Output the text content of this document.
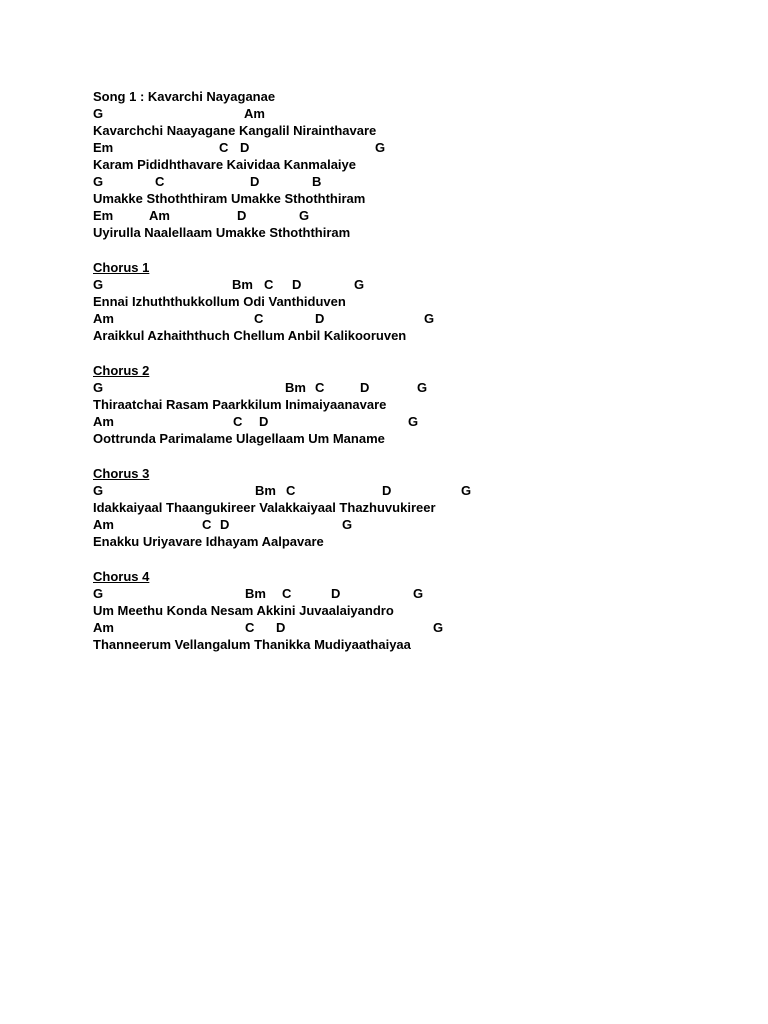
Song 1 : Kavarchi Nayaganae
G	Am
Kavarchchi Naayagane Kangalil Nirainthavare
Em	C D	G
Karam Pididhthavare Kaividaa Kanmalaiye
G	C	D	B
Umakke Sthoththiram Umakke Sthoththiram
Em	Am	D	G
Uyirulla Naalellaam Umakke Sthoththiram
Chorus 1
G	Bm C D	G
Ennai Izhuththukkollum Odi Vanthiduven
Am	C	D	G
Araikkul Azhaiththuch Chellum Anbil Kalikooruven
Chorus 2
G	Bm C	D	G
Thiraatchai Rasam Paarkkilum Inimaiyaanavare
Am	C D	G
Oottrunda Parimalame Ulagellaam Um Maname
Chorus 3
G	Bm C	D	G
Idakkaiyaal Thaangukireer Valakkaiyaal Thazhuvukireer
Am	C D	G
Enakku Uriyavare Idhayam Aalpavare
Chorus 4
G	Bm C	D	G
Um Meethu Konda Nesam Akkini Juvaalaiyandro
Am	C D	G
Thanneerum Vellangalum Thanikka Mudiyaathaiyaa
